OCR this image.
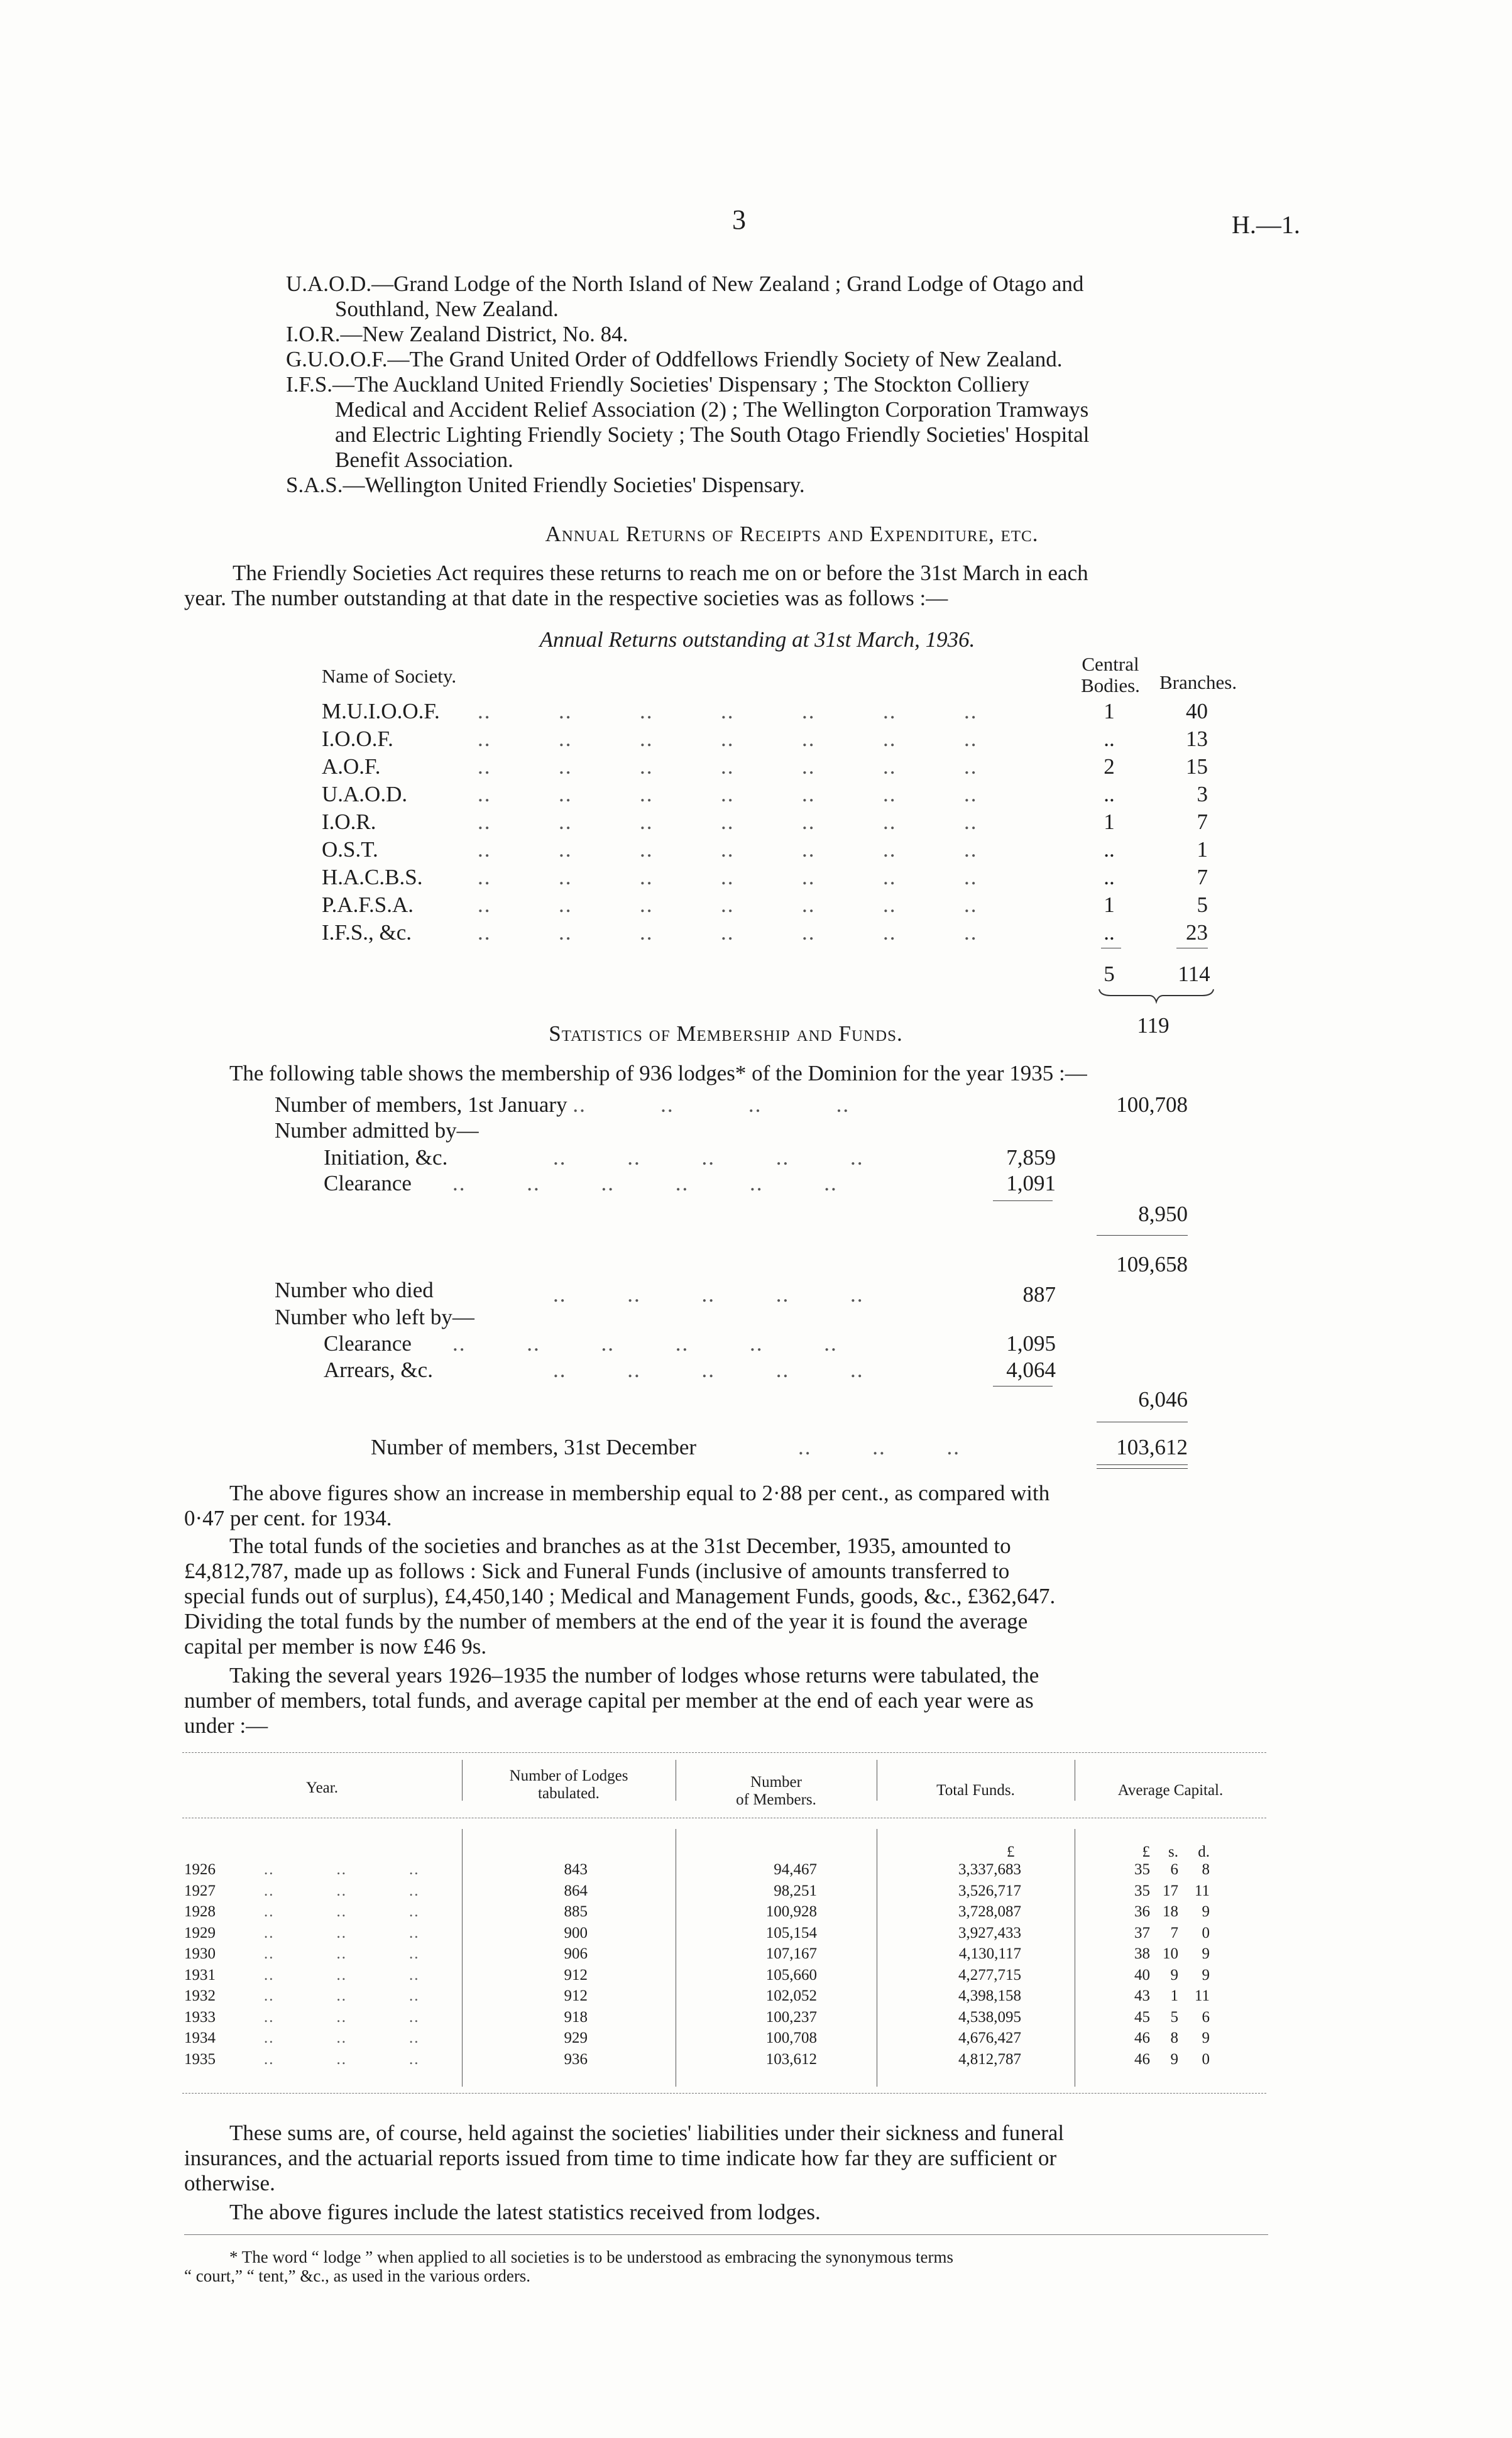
3	H.—1.
U.A.O.D.—Grand Lodge of the North Island of New Zealand ; Grand Lodge of Otago and
Southland, New Zealand.
I.O.R.—New Zealand District, No. 84.
G.U.O.O.F.—The Grand United Order of Oddfellows Friendly Society of New Zealand.
I.F.S.—The Auckland United Friendly Societies' Dispensary ; The Stockton Colliery
Medical and Accident Relief Association (2) ; The Wellington Corporation Tramways
and Electric Lighting Friendly Society ; The South Otago Friendly Societies' Hospital
Benefit Association.
S.A.S.—Wellington United Friendly Societies' Dispensary.
Annual Returns of Receipts and Expenditure, etc.
The Friendly Societies Act requires these returns to reach me on or before the 31st March in each
year. The number outstanding at that date in the respective societies was as follows :—
Annual Returns outstanding at 31st March, 1936.
Name of Society.
Central
Bodies. Branches.
M.U.I.O.O.F. ..          ..          ..          ..          ..          ..          ..	1	40
I.O.O.F.	..          ..          ..          ..          ..          ..          ..	..	13
A.O.F.	..          ..          ..          ..          ..          ..          ..	2	15
U.A.O.D.	..          ..          ..          ..          ..          ..          ..	..	3
I.O.R.	..          ..          ..          ..          ..          ..          ..	1	7
O.S.T.	..          ..          ..          ..          ..          ..          ..	..	1
H.A.C.B.S.	..          ..          ..          ..          ..          ..          ..	..	7
P.A.F.S.A.	..          ..          ..          ..          ..          ..          ..	1	5
I.F.S., &c.	..          ..          ..          ..          ..          ..          ..	..	23
5	114
119
Statistics of Membership and Funds.
The following table shows the membership of 936 lodges* of the Dominion for the year 1935 :—
Number of members, 1st January ..           ..           ..           ..	100,708
Number admitted by—
Initiation, &c.	..         ..         ..         ..         ..	7,859
Clearance ..         ..         ..         ..         ..         ..	1,091
8,950
109,658
Number who died	..         ..         ..         ..         ..	887
Number who left by—
Clearance ..         ..         ..         ..         ..         ..	1,095
Arrears, &c.	..         ..         ..         ..         ..	4,064
6,046
Number of members, 31st December	..         ..         ..	103,612
The above figures show an increase in membership equal to 2·88 per cent., as compared with
0·47 per cent. for 1934.
The total funds of the societies and branches as at the 31st December, 1935, amounted to
£4,812,787, made up as follows : Sick and Funeral Funds (inclusive of amounts transferred to
special funds out of surplus), £4,450,140 ; Medical and Management Funds, goods, &c., £362,647.
Dividing the total funds by the number of members at the end of the year it is found the average
capital per member is now £46 9s.
Taking the several years 1926–1935 the number of lodges whose returns were tabulated, the
number of members, total funds, and average capital per member at the end of each year were as
under :—
Year.
Number of Lodges
tabulated.
Number
of Members.
Total Funds.	Average Capital.
£	£	s.	d.
1926	843	94,467	3,337,683	35	6	8
..            ..            ..
1927	864	98,251	3,526,717	35 17	11
..            ..            ..
1928	885	100,928	3,728,087	36 18	9
..            ..            ..
1929	900	105,154	3,927,433	37	7	0
..            ..            ..
1930	906	107,167	4,130,117	38 10	9
..            ..            ..
1931	912	105,660	4,277,715	40	9	9
..            ..            ..
1932	912	102,052	4,398,158	43	1	11
..            ..            ..
1933	918	100,237	4,538,095	45	5	6
..            ..            ..
1934	929	100,708	4,676,427	46	8	9
..            ..            ..
1935	936	103,612	4,812,787	46	9	0
..            ..            ..
These sums are, of course, held against the societies' liabilities under their sickness and funeral
insurances, and the actuarial reports issued from time to time indicate how far they are sufficient or
otherwise.
The above figures include the latest statistics received from lodges.
* The word “ lodge ” when applied to all societies is to be understood as embracing the synonymous terms
“ court,” “ tent,” &c., as used in the various orders.
